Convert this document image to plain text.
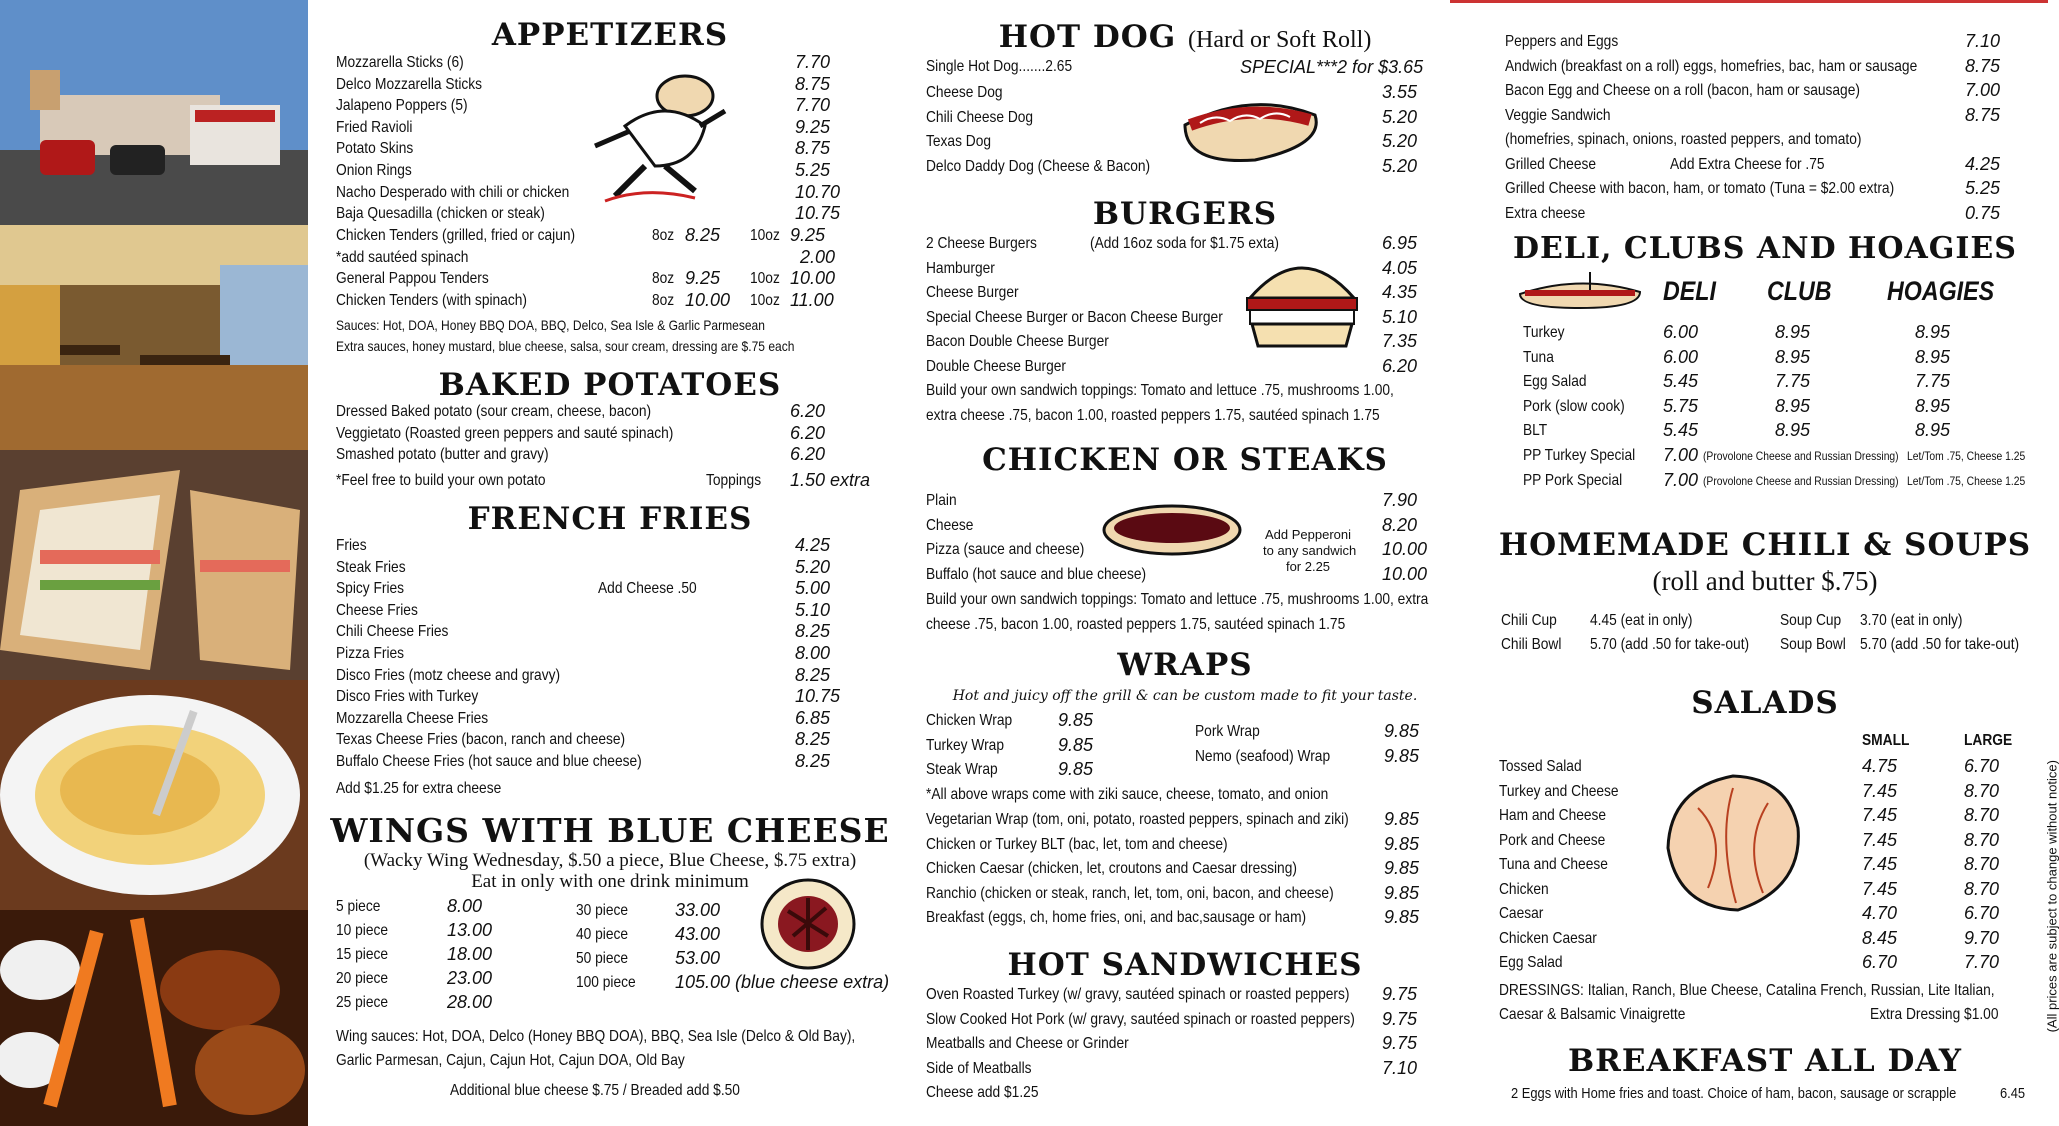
APPETIZERS
Mozzarella Sticks (6)	7.70
Delco Mozzarella Sticks	8.75
Jalapeno Poppers (5)	7.70
Fried Ravioli	9.25
Potato Skins	8.75
Onion Rings	5.25
Nacho Desperado with chili or chicken	10.70
Baja Quesadilla (chicken or steak)	10.75
Chicken Tenders (grilled, fried or cajun)	8oz 8.25 10oz 9.25
General Pappou Tenders	8oz 9.25 10oz 10.00
Chicken Tenders (with spinach)	8oz 10.00 10oz 11.00
*add sautéed spinach	2.00
Sauces: Hot, DOA, Honey BBQ DOA, BBQ, Delco, Sea Isle & Garlic Parmesean
Extra sauces, honey mustard, blue cheese, salsa, sour cream, dressing are $.75 each
BAKED POTATOES
Dressed Baked potato (sour cream, cheese, bacon)	6.20
Veggietato (Roasted green peppers and sauté spinach)	6.20
Smashed potato (butter and gravy)	6.20
*Feel free to build your own potato	Toppings 1.50 extra
FRENCH FRIES
Fries	4.25
Steak Fries	5.20
Spicy Fries	5.00
Cheese Fries	5.10
Chili Cheese Fries	8.25
Pizza Fries	8.00
Disco Fries (motz cheese and gravy)	8.25
Disco Fries with Turkey	10.75
Mozzarella Cheese Fries	6.85
Texas Cheese Fries (bacon, ranch and cheese)	8.25
Buffalo Cheese Fries (hot sauce and blue cheese)	8.25
Add Cheese .50
Add $1.25 for extra cheese
WINGS WITH BLUE CHEESE
(Wacky Wing Wednesday, $.50 a piece, Blue Cheese, $.75 extra)
Eat in only with one drink minimum
5 piece	8.00
10 piece	13.00
15 piece	18.00
20 piece	23.00
25 piece	28.00
30 piece	33.00
40 piece	43.00
50 piece	53.00
100 piece 105.00 (blue cheese extra)
Wing sauces: Hot, DOA, Delco (Honey BBQ DOA), BBQ, Sea Isle (Delco & Old Bay),
Garlic Parmesan, Cajun, Cajun Hot, Cajun DOA, Old Bay
Additional blue cheese $.75 / Breaded add $.50
HOT DOG (Hard or Soft Roll)
Single Hot Dog.......2.65	SPECIAL***2 for $3.65
Cheese Dog	3.55
Chili Cheese Dog	5.20
Texas Dog	5.20
Delco Daddy Dog (Cheese & Bacon)	5.20
BURGERS
2 Cheese Burgers	6.95
Hamburger	4.05
Cheese Burger	4.35
Special Cheese Burger or Bacon Cheese Burger	5.10
Bacon Double Cheese Burger	7.35
Double Cheese Burger	6.20
(Add 16oz soda for $1.75 exta)
Build your own sandwich toppings: Tomato and lettuce .75, mushrooms 1.00,
extra cheese .75, bacon 1.00, roasted peppers 1.75, sautéed spinach 1.75
CHICKEN OR STEAKS
Plain	7.90
Cheese	8.20
Pizza (sauce and cheese)	10.00
Buffalo (hot sauce and blue cheese)	10.00
Build your own sandwich toppings: Tomato and lettuce .75, mushrooms 1.00, extra
cheese .75, bacon 1.00, roasted peppers 1.75, sautéed spinach 1.75
Add Pepperoni
to any sandwich
for 2.25
WRAPS
Hot and juicy off the grill & can be custom made to fit your taste.
Chicken Wrap	9.85
Turkey Wrap	9.85
Steak Wrap	9.85
Pork Wrap	9.85
Nemo (seafood) Wrap	9.85
*All above wraps come with ziki sauce, cheese, tomato, and onion
Vegetarian Wrap (tom, oni, potato, roasted peppers, spinach and ziki) 9.85
Chicken or Turkey BLT (bac, let, tom and cheese)	9.85
Chicken Caesar (chicken, let, croutons and Caesar dressing)	9.85
Ranchio (chicken or steak, ranch, let, tom, oni, bacon, and cheese)	9.85
Breakfast (eggs, ch, home fries, oni, and bac,sausage or ham)	9.85
HOT SANDWICHES
Oven Roasted Turkey (w/ gravy, sautéed spinach or roasted peppers) 9.75
Slow Cooked Hot Pork (w/ gravy, sautéed spinach or roasted peppers) 9.75
Meatballs and Cheese or Grinder	9.75
Side of Meatballs	7.10
Cheese add $1.25
Peppers and Eggs	7.10
Andwich (breakfast on a roll) eggs, homefries, bac, ham or sausage	8.75
Bacon Egg and Cheese on a roll (bacon, ham or sausage)	7.00
Veggie Sandwich	8.75
(homefries, spinach, onions, roasted peppers, and tomato)
Grilled Cheese	4.25
Grilled Cheese with bacon, ham, or tomato (Tuna = $2.00 extra)	5.25
Extra cheese	0.75
Add Extra Cheese for .75
DELI, CLUBS AND HOAGIES
DELI CLUB HOAGIES
Turkey	6.00	8.95	8.95
Tuna	6.00	8.95	8.95
Egg Salad	5.45	7.75	7.75
Pork (slow cook) 5.75	8.95	8.95
BLT	5.45	8.95	8.95
PP Turkey Special 7.00 (Provolone Cheese and Russian Dressing) Let/Tom .75, Cheese 1.25
PP Pork Special 7.00 (Provolone Cheese and Russian Dressing) Let/Tom .75, Cheese 1.25
HOMEMADE CHILI & SOUPS
(roll and butter $.75)
Chili Cup 4.45 (eat in only)	Soup Cup 3.70 (eat in only)
Chili Bowl 5.70 (add .50 for take-out) Soup Bowl 5.70 (add .50 for take-out)
SALADS
SMALL	LARGE
Tossed Salad	4.75	6.70
Turkey and Cheese	7.45	8.70
Ham and Cheese	7.45	8.70
Pork and Cheese	7.45	8.70
Tuna and Cheese	7.45	8.70
Chicken	7.45	8.70
Caesar	4.70	6.70
Chicken Caesar	8.45	9.70
Egg Salad	6.70	7.70
DRESSINGS: Italian, Ranch, Blue Cheese, Catalina French, Russian, Lite Italian,
Caesar & Balsamic Vinaigrette	Extra Dressing $1.00
BREAKFAST ALL DAY
2 Eggs with Home fries and toast. Choice of ham, bacon, sausage or scrapple	6.45
(All prices are subject to change without notice)
